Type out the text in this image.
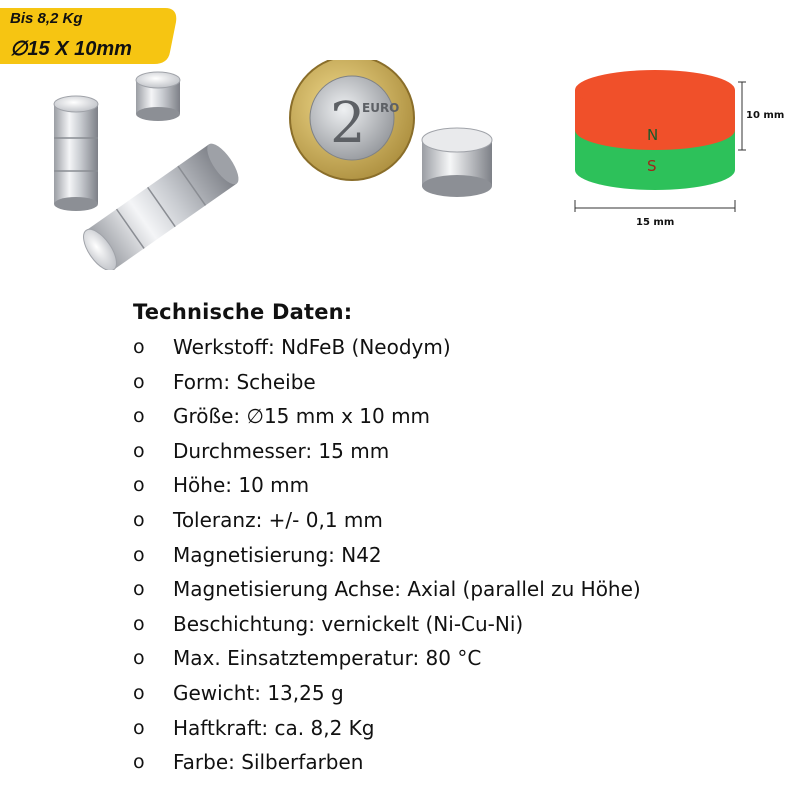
Bis 8,2 Kg
∅15 X 10mm
2
EURO
N
S
10 mm
15 mm
Technische Daten:
o Werkstoff: NdFeB (Neodym)
o Form: Scheibe
o Größe: ∅15 mm x 10 mm
o Durchmesser: 15 mm
o Höhe: 10 mm
o Toleranz: +/- 0,1 mm
o Magnetisierung: N42
o Magnetisierung Achse: Axial (parallel zu Höhe)
o Beschichtung: vernickelt (Ni-Cu-Ni)
o Max. Einsatztemperatur: 80 °C
o Gewicht: 13,25 g
o Haftkraft: ca. 8,2 Kg
o Farbe: Silberfarben
